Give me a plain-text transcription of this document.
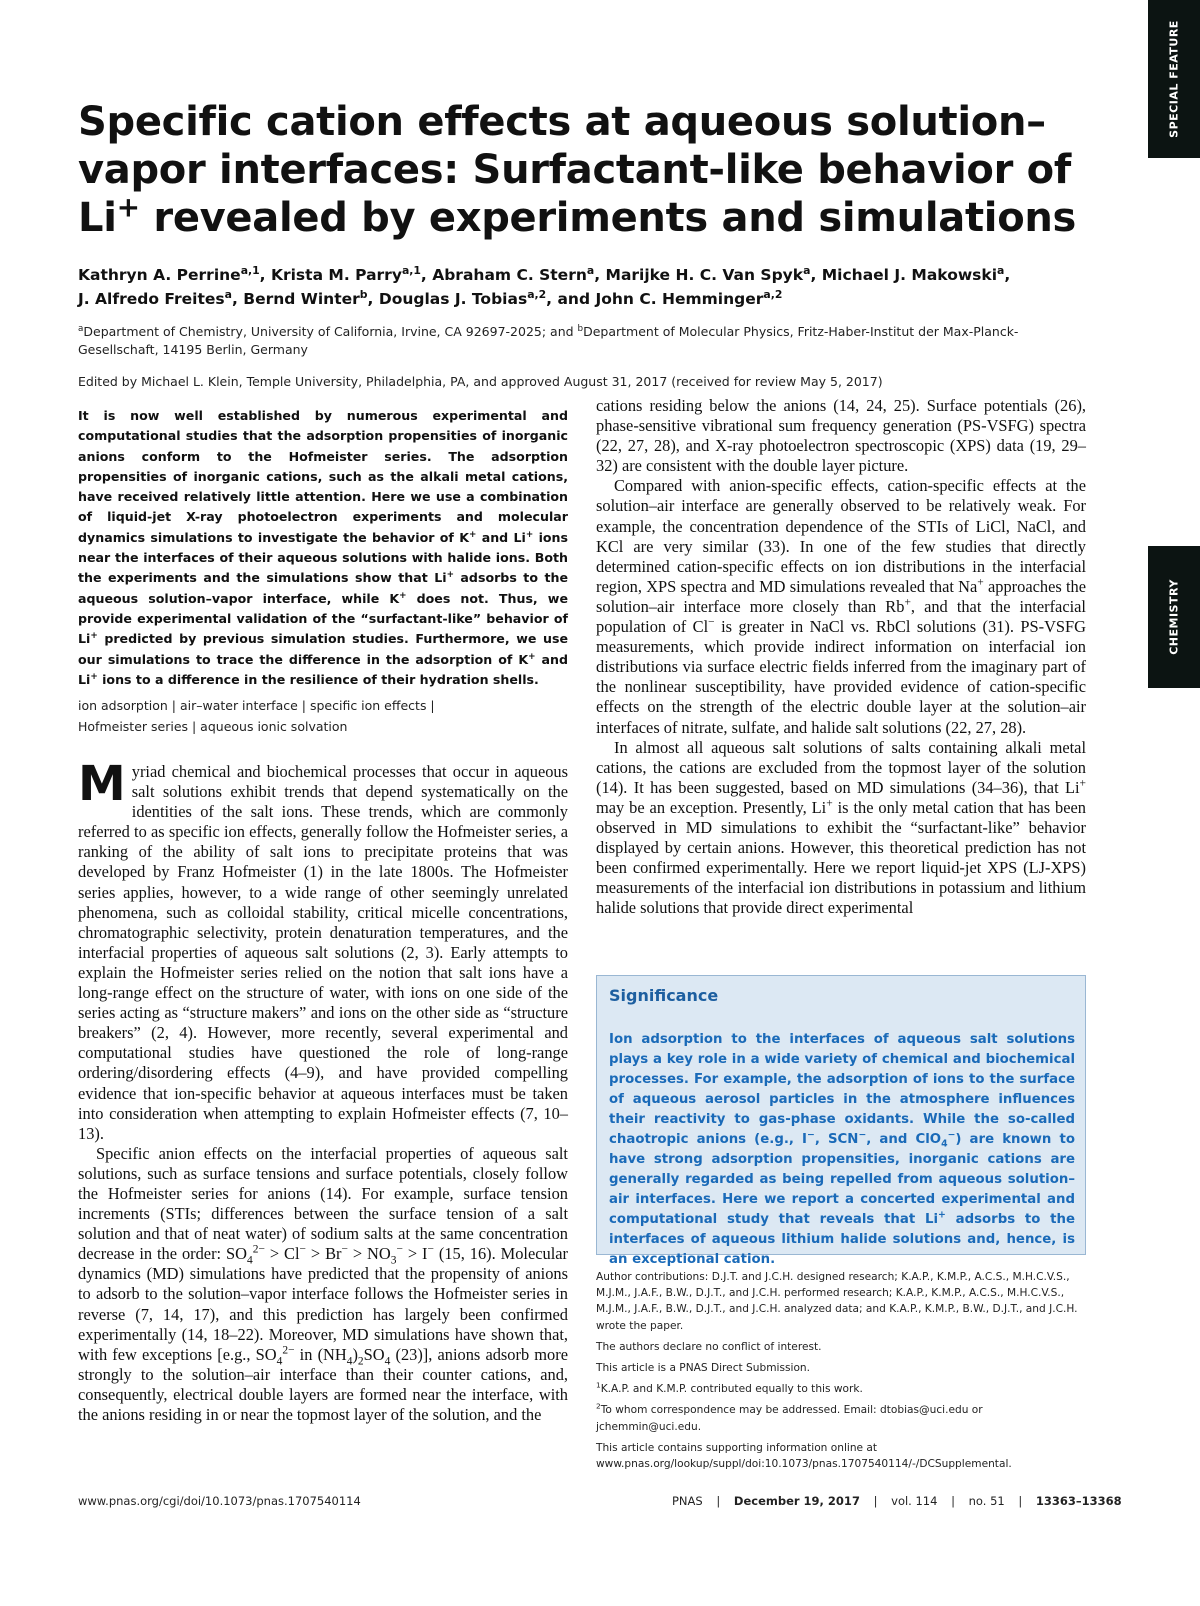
SPECIAL FEATURE
CHEMISTRY
Specific cation effects at aqueous solution–vapor interfaces: Surfactant-like behavior of Li+ revealed by experiments and simulations
Kathryn A. Perrine$^{a,1}$, Krista M. Parry$^{a,1}$, Abraham C. Stern$^a$, Marijke H. C. Van Spyk$^a$, Michael J. Makowski$^a$,
J. Alfredo Freites$^a$, Bernd Winter$^b$, Douglas J. Tobias$^{a,2}$, and John C. Hemminger$^{a,2}$
$^a$Department of Chemistry, University of California, Irvine, CA 92697-2025; and $^b$Department of Molecular Physics, Fritz-Haber-Institut der Max-Planck-Gesellschaft, 14195 Berlin, Germany
Edited by Michael L. Klein, Temple University, Philadelphia, PA, and approved August 31, 2017 (received for review May 5, 2017)

It is now well established by numerous experimental and computational studies that the adsorption propensities of inorganic anions conform to the Hofmeister series. The adsorption propensities of inorganic cations, such as the alkali metal cations, have received relatively little attention. Here we use a combination of liquid-jet X-ray photoelectron experiments and molecular dynamics simulations to investigate the behavior of K+ and Li+ ions near the interfaces of their aqueous solutions with halide ions. Both the experiments and the simulations show that Li+ adsorbs to the aqueous solution–vapor interface, while K+ does not. Thus, we provide experimental validation of the “surfactant-like” behavior of Li+ predicted by previous simulation studies. Furthermore, we use our simulations to trace the difference in the adsorption of K+ and Li+ ions to a difference in the resilience of their hydration shells.

ion adsorption | air–water interface | specific ion effects |
Hofmeister series | aqueous ionic solvation

Myriad chemical and biochemical processes that occur in aqueous salt solutions exhibit trends that depend systematically on the identities of the salt ions. These trends, which are commonly referred to as specific ion effects, generally follow the Hofmeister series, a ranking of the ability of salt ions to precipitate proteins that was developed by Franz Hofmeister (1) in the late 1800s. The Hofmeister series applies, however, to a wide range of other seemingly unrelated phenomena, such as colloidal stability, critical micelle concentrations, chromatographic selectivity, protein denaturation temperatures, and the interfacial properties of aqueous salt solutions (2, 3). Early attempts to explain the Hofmeister series relied on the notion that salt ions have a long-range effect on the structure of water, with ions on one side of the series acting as “structure makers” and ions on the other side as “structure breakers” (2, 4). However, more recently, several experimental and computational studies have questioned the role of long-range ordering/disordering effects (4–9), and have provided compelling evidence that ion-specific behavior at aqueous interfaces must be taken into consideration when attempting to explain Hofmeister effects (7, 10–13).

Specific anion effects on the interfacial properties of aqueous salt solutions, such as surface tensions and surface potentials, closely follow the Hofmeister series for anions (14). For example, surface tension increments (STIs; differences between the surface tension of a salt solution and that of neat water) of sodium salts at the same concentration decrease in the order: $SO_4^{2-} > Cl^- > Br^- > NO_3^- > I^-$ (15, 16). Molecular dynamics (MD) simulations have predicted that the propensity of anions to adsorb to the solution–vapor interface follows the Hofmeister series in reverse (7, 14, 17), and this prediction has largely been confirmed experimentally (14, 18–22). Moreover, MD simulations have shown that, with few exceptions [e.g., $SO_4^{2-}$ in $(NH_4)_2SO_4$ (23)], anions adsorb more strongly to the solution–air interface than their counter cations, and, consequently, electrical double layers are formed near the interface, with the anions residing in or near the topmost layer of the solution, and the

cations residing below the anions (14, 24, 25). Surface potentials (26), phase-sensitive vibrational sum frequency generation (PS-VSFG) spectra (22, 27, 28), and X-ray photoelectron spectroscopic (XPS) data (19, 29–32) are consistent with the double layer picture.

Compared with anion-specific effects, cation-specific effects at the solution–air interface are generally observed to be relatively weak. For example, the concentration dependence of the STIs of LiCl, NaCl, and KCl are very similar (33). In one of the few studies that directly determined cation-specific effects on ion distributions in the interfacial region, XPS spectra and MD simulations revealed that Na+ approaches the solution–air interface more closely than Rb+, and that the interfacial population of Cl− is greater in NaCl vs. RbCl solutions (31). PS-VSFG measurements, which provide indirect information on interfacial ion distributions via surface electric fields inferred from the imaginary part of the nonlinear susceptibility, have provided evidence of cation-specific effects on the strength of the electric double layer at the solution–air interfaces of nitrate, sulfate, and halide salt solutions (22, 27, 28).

In almost all aqueous salt solutions of salts containing alkali metal cations, the cations are excluded from the topmost layer of the solution (14). It has been suggested, based on MD simulations (34–36), that Li+ may be an exception. Presently, Li+ is the only metal cation that has been observed in MD simulations to exhibit the “surfactant-like” behavior displayed by certain anions. However, this theoretical prediction has not been confirmed experimentally. Here we report liquid-jet XPS (LJ-XPS) measurements of the interfacial ion distributions in potassium and lithium halide solutions that provide direct experimental

Significance

Ion adsorption to the interfaces of aqueous salt solutions plays a key role in a wide variety of chemical and biochemical processes. For example, the adsorption of ions to the surface of aqueous aerosol particles in the atmosphere influences their reactivity to gas-phase oxidants. While the so-called chaotropic anions (e.g., I−, SCN−, and ClO$_4$−) are known to have strong adsorption propensities, inorganic cations are generally regarded as being repelled from aqueous solution–air interfaces. Here we report a concerted experimental and computational study that reveals that Li+ adsorbs to the interfaces of aqueous lithium halide solutions and, hence, is an exceptional cation.

Author contributions: D.J.T. and J.C.H. designed research; K.A.P., K.M.P., A.C.S., M.H.C.V.S., M.J.M., J.A.F., B.W., D.J.T., and J.C.H. performed research; K.A.P., K.M.P., A.C.S., M.H.C.V.S., M.J.M., J.A.F., B.W., D.J.T., and J.C.H. analyzed data; and K.A.P., K.M.P., B.W., D.J.T., and J.C.H. wrote the paper.

The authors declare no conflict of interest.

This article is a PNAS Direct Submission.

$^1$K.A.P. and K.M.P. contributed equally to this work.

$^2$To whom correspondence may be addressed. Email: dtobias@uci.edu or jchemmin@uci.edu.

This article contains supporting information online at www.pnas.org/lookup/suppl/doi:10.1073/pnas.1707540114/-/DCSupplemental.

www.pnas.org/cgi/doi/10.1073/pnas.1707540114	PNAS | December 19, 2017 | vol. 114 | no. 51 | 13363–13368
